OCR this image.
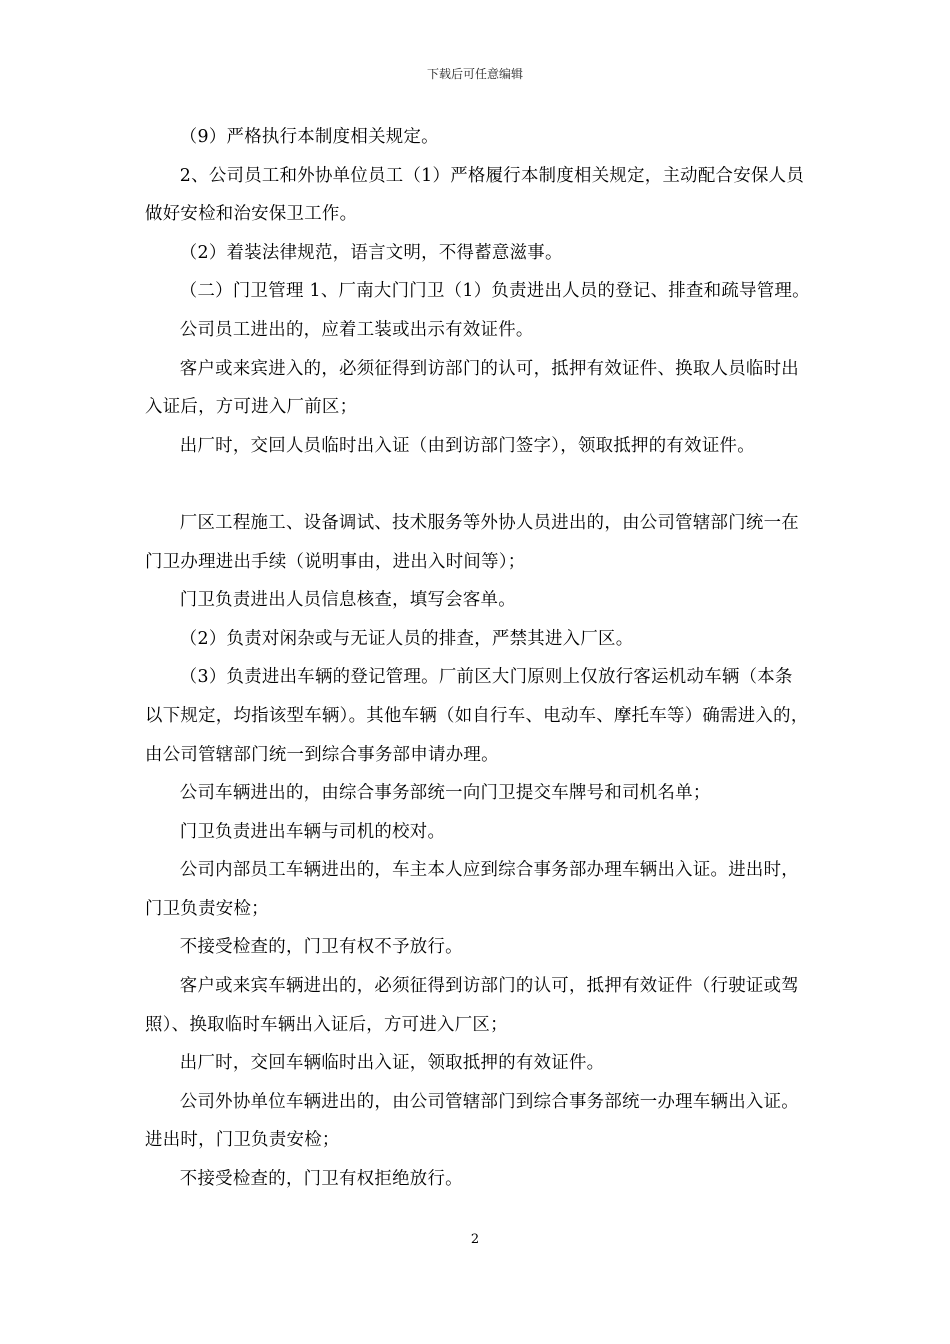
下载后可任意编辑

（9）严格执行本制度相关规定。

2、公司员工和外协单位员工（1）严格履行本制度相关规定，主动配合安保人员做好安检和治安保卫工作。

（2）着装法律规范，语言文明，不得蓄意滋事。

（二）门卫管理 1、厂南大门门卫（1）负责进出人员的登记、排查和疏导管理。

公司员工进出的，应着工装或出示有效证件。

客户或来宾进入的，必须征得到访部门的认可，抵押有效证件、换取人员临时出入证后，方可进入厂前区；

出厂时，交回人员临时出入证（由到访部门签字），领取抵押的有效证件。

厂区工程施工、设备调试、技术服务等外协人员进出的，由公司管辖部门统一在门卫办理进出手续（说明事由，进出入时间等）；

门卫负责进出人员信息核查，填写会客单。

（2）负责对闲杂或与无证人员的排查，严禁其进入厂区。

（3）负责进出车辆的登记管理。厂前区大门原则上仅放行客运机动车辆（本条以下规定，均指该型车辆）。其他车辆（如自行车、电动车、摩托车等）确需进入的，由公司管辖部门统一到综合事务部申请办理。

公司车辆进出的，由综合事务部统一向门卫提交车牌号和司机名单；

门卫负责进出车辆与司机的校对。

公司内部员工车辆进出的，车主本人应到综合事务部办理车辆出入证。进出时，门卫负责安检；

不接受检查的，门卫有权不予放行。

客户或来宾车辆进出的，必须征得到访部门的认可，抵押有效证件（行驶证或驾照）、换取临时车辆出入证后，方可进入厂区；

出厂时，交回车辆临时出入证，领取抵押的有效证件。

公司外协单位车辆进出的，由公司管辖部门到综合事务部统一办理车辆出入证。进出时，门卫负责安检；

不接受检查的，门卫有权拒绝放行。

2
